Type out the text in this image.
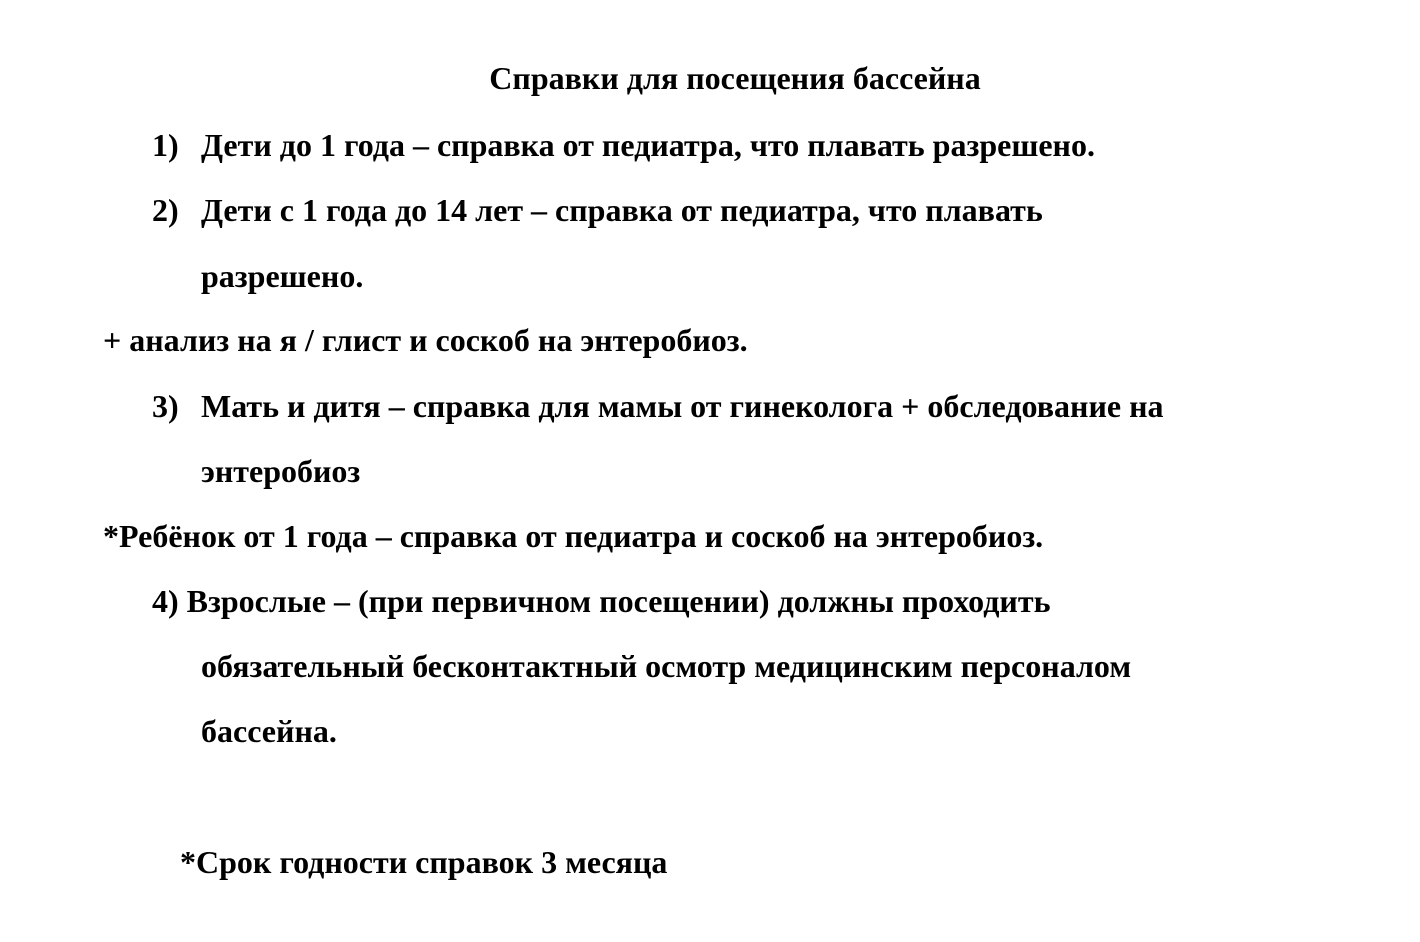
Справки для посещения бассейна
1) Дети до 1 года – справка от педиатра, что плавать разрешено.
2) Дети с 1 года до 14 лет – справка от педиатра, что плавать
разрешено.
+ анализ на я / глист и соскоб на энтеробиоз.
3) Мать и дитя – справка для мамы от гинеколога + обследование на
энтеробиоз
*Ребёнок от 1 года – справка от педиатра и соскоб на энтеробиоз.
4) Взрослые – (при первичном посещении) должны проходить
обязательный бесконтактный осмотр медицинским персоналом
бассейна.
*Срок годности справок 3 месяца
